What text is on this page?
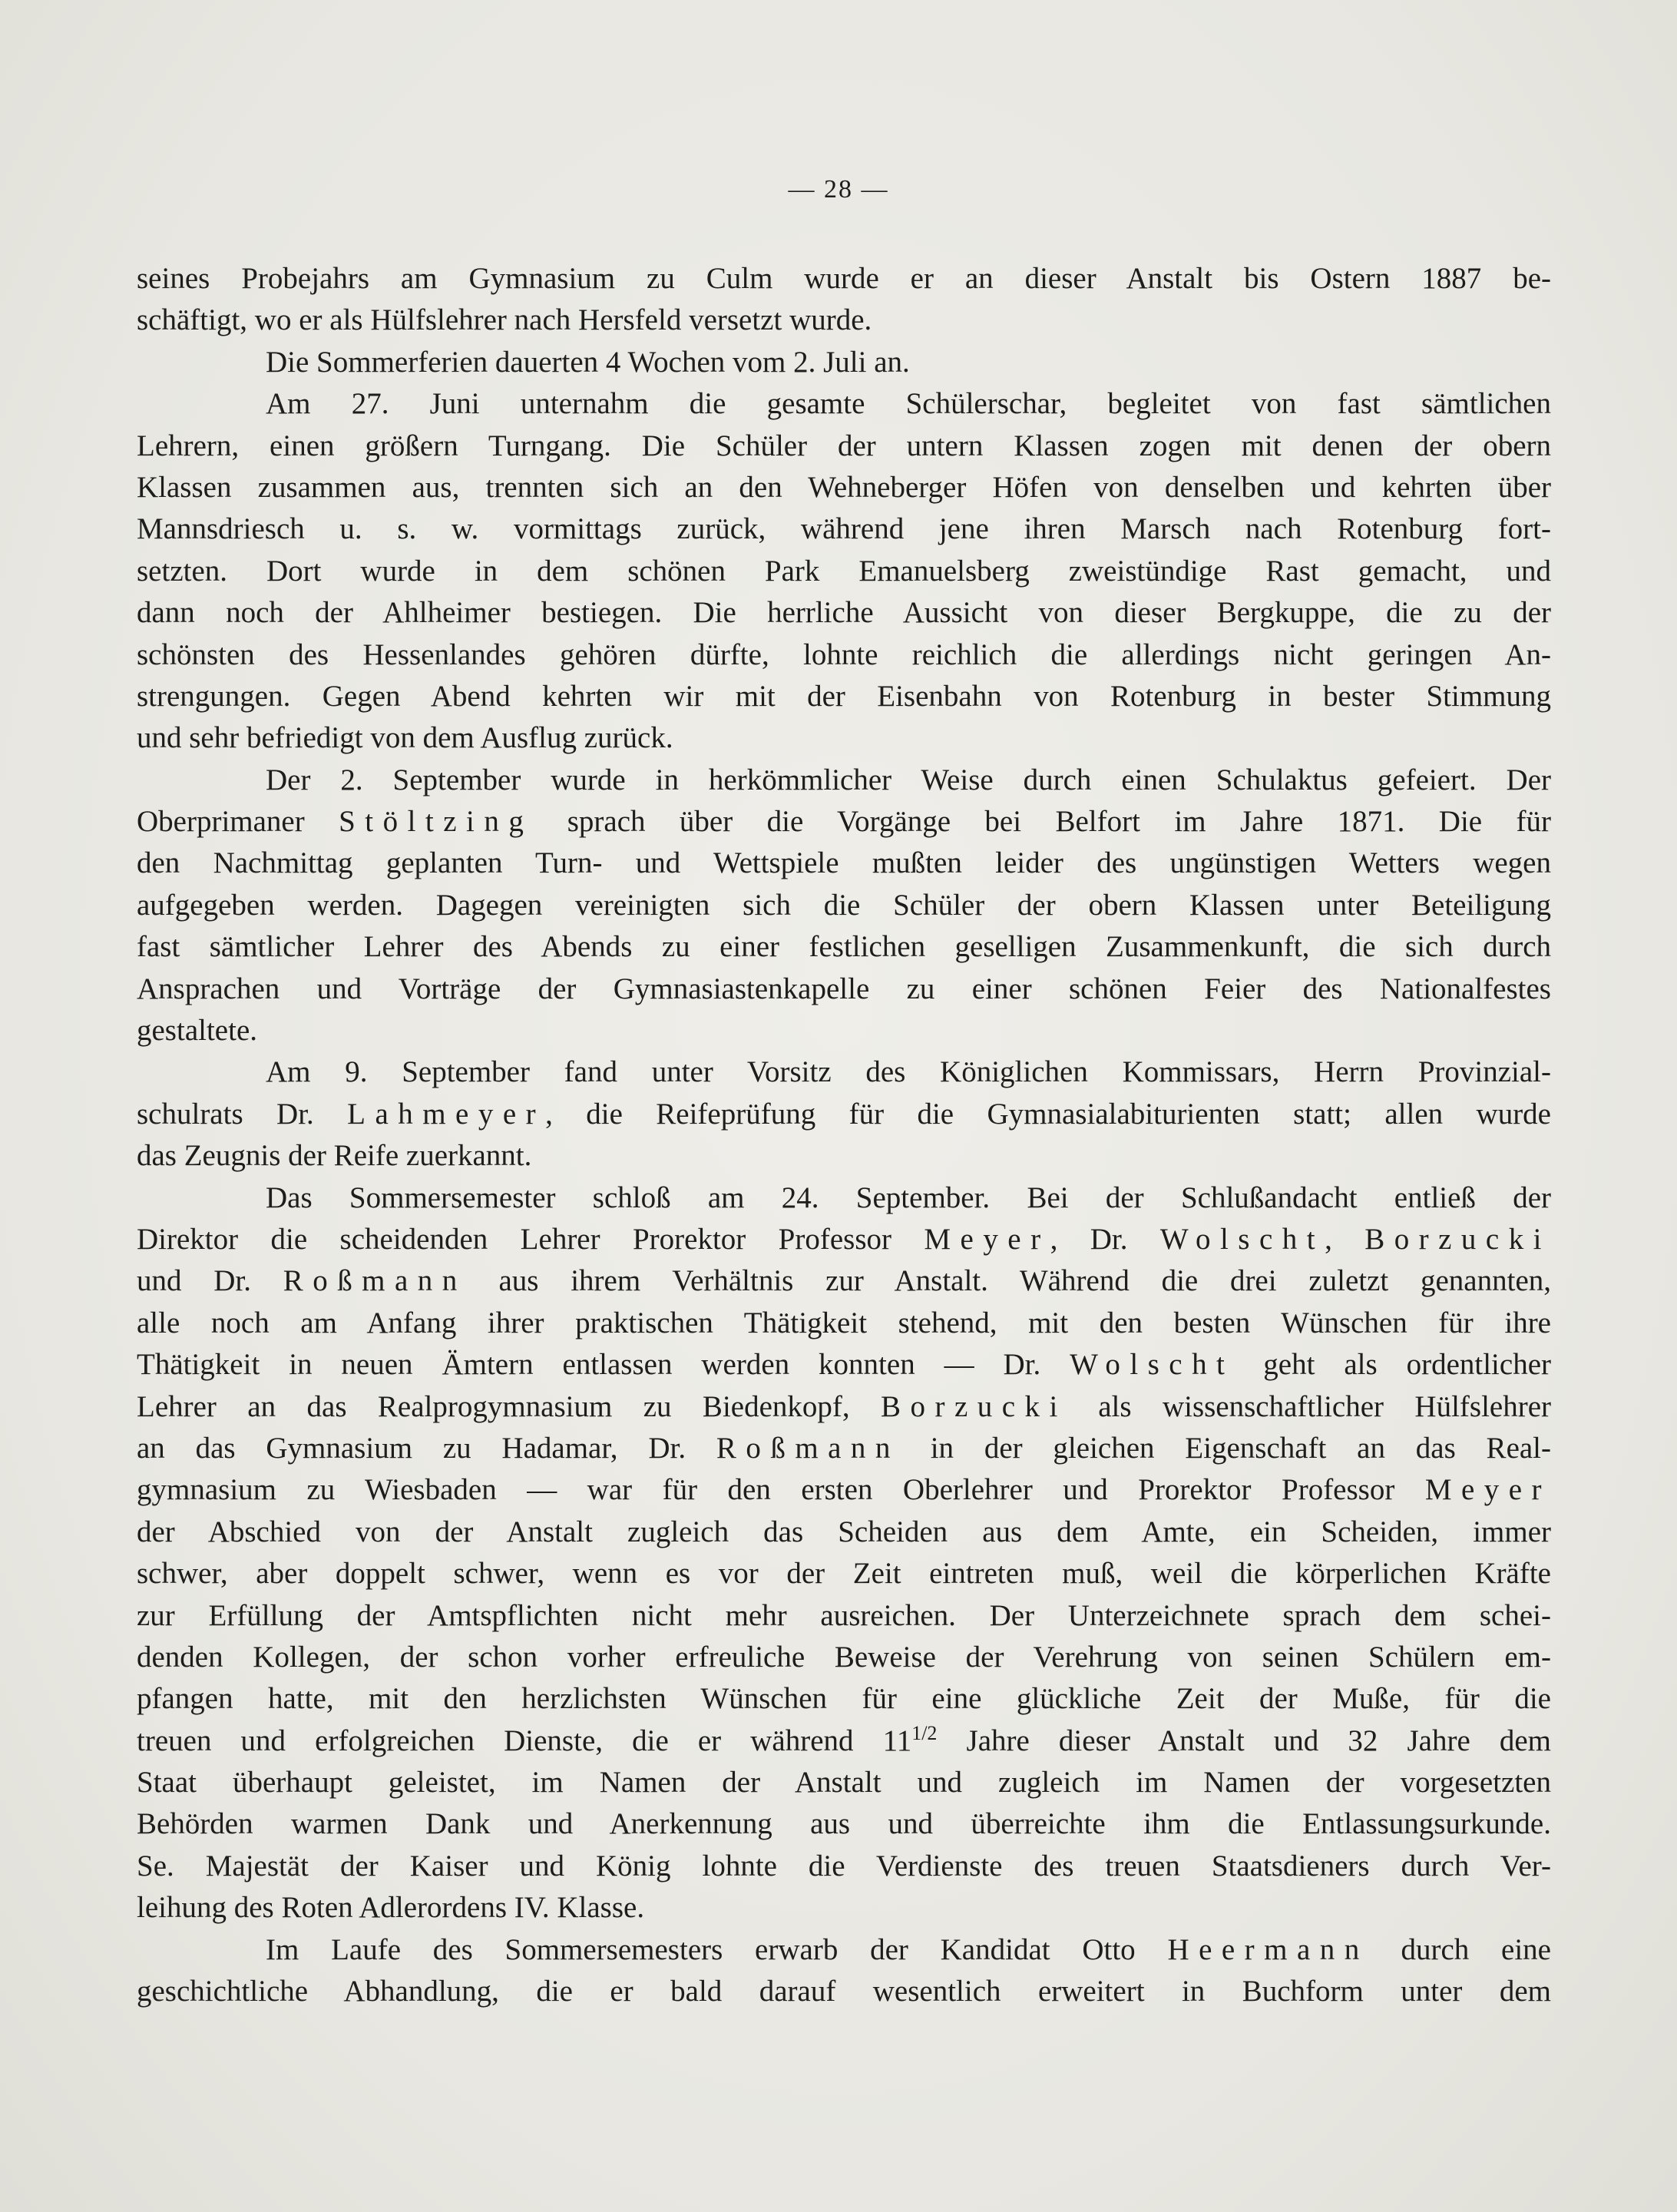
— 28 —
seines Probejahrs am Gymnasium zu Culm wurde er an dieser Anstalt bis Ostern 1887 be-
schäftigt, wo er als Hülfslehrer nach Hersfeld versetzt wurde.
Die Sommerferien dauerten 4 Wochen vom 2. Juli an.
Am 27. Juni unternahm die gesamte Schülerschar, begleitet von fast sämtlichen
Lehrern, einen größern Turngang. Die Schüler der untern Klassen zogen mit denen der obern
Klassen zusammen aus, trennten sich an den Wehneberger Höfen von denselben und kehrten über
Mannsdriesch u. s. w. vormittags zurück, während jene ihren Marsch nach Rotenburg fort-
setzten. Dort wurde in dem schönen Park Emanuelsberg zweistündige Rast gemacht, und
dann noch der Ahlheimer bestiegen. Die herrliche Aussicht von dieser Bergkuppe, die zu der
schönsten des Hessenlandes gehören dürfte, lohnte reichlich die allerdings nicht geringen An-
strengungen. Gegen Abend kehrten wir mit der Eisenbahn von Rotenburg in bester Stimmung
und sehr befriedigt von dem Ausflug zurück.
Der 2. September wurde in herkömmlicher Weise durch einen Schulaktus gefeiert. Der
Oberprimaner Stöltzing sprach über die Vorgänge bei Belfort im Jahre 1871. Die für
den Nachmittag geplanten Turn- und Wettspiele mußten leider des ungünstigen Wetters wegen
aufgegeben werden. Dagegen vereinigten sich die Schüler der obern Klassen unter Beteiligung
fast sämtlicher Lehrer des Abends zu einer festlichen geselligen Zusammenkunft, die sich durch
Ansprachen und Vorträge der Gymnasiastenkapelle zu einer schönen Feier des Nationalfestes
gestaltete.
Am 9. September fand unter Vorsitz des Königlichen Kommissars, Herrn Provinzial-
schulrats Dr. Lahmeyer, die Reifeprüfung für die Gymnasialabiturienten statt; allen wurde
das Zeugnis der Reife zuerkannt.
Das Sommersemester schloß am 24. September. Bei der Schlußandacht entließ der
Direktor die scheidenden Lehrer Prorektor Professor Meyer, Dr. Wolscht, Borzucki
und Dr. Roßmann aus ihrem Verhältnis zur Anstalt. Während die drei zuletzt genannten,
alle noch am Anfang ihrer praktischen Thätigkeit stehend, mit den besten Wünschen für ihre
Thätigkeit in neuen Ämtern entlassen werden konnten — Dr. Wolscht geht als ordentlicher
Lehrer an das Realprogymnasium zu Biedenkopf, Borzucki als wissenschaftlicher Hülfslehrer
an das Gymnasium zu Hadamar, Dr. Roßmann in der gleichen Eigenschaft an das Real-
gymnasium zu Wiesbaden — war für den ersten Oberlehrer und Prorektor Professor Meyer
der Abschied von der Anstalt zugleich das Scheiden aus dem Amte, ein Scheiden, immer
schwer, aber doppelt schwer, wenn es vor der Zeit eintreten muß, weil die körperlichen Kräfte
zur Erfüllung der Amtspflichten nicht mehr ausreichen. Der Unterzeichnete sprach dem schei-
denden Kollegen, der schon vorher erfreuliche Beweise der Verehrung von seinen Schülern em-
pfangen hatte, mit den herzlichsten Wünschen für eine glückliche Zeit der Muße, für die
treuen und erfolgreichen Dienste, die er während $11^{1/2}$ Jahre dieser Anstalt und 32 Jahre dem
Staat überhaupt geleistet, im Namen der Anstalt und zugleich im Namen der vorgesetzten
Behörden warmen Dank und Anerkennung aus und überreichte ihm die Entlassungsurkunde.
Se. Majestät der Kaiser und König lohnte die Verdienste des treuen Staatsdieners durch Ver-
leihung des Roten Adlerordens IV. Klasse.
Im Laufe des Sommersemesters erwarb der Kandidat Otto Heermann durch eine
geschichtliche Abhandlung, die er bald darauf wesentlich erweitert in Buchform unter dem
